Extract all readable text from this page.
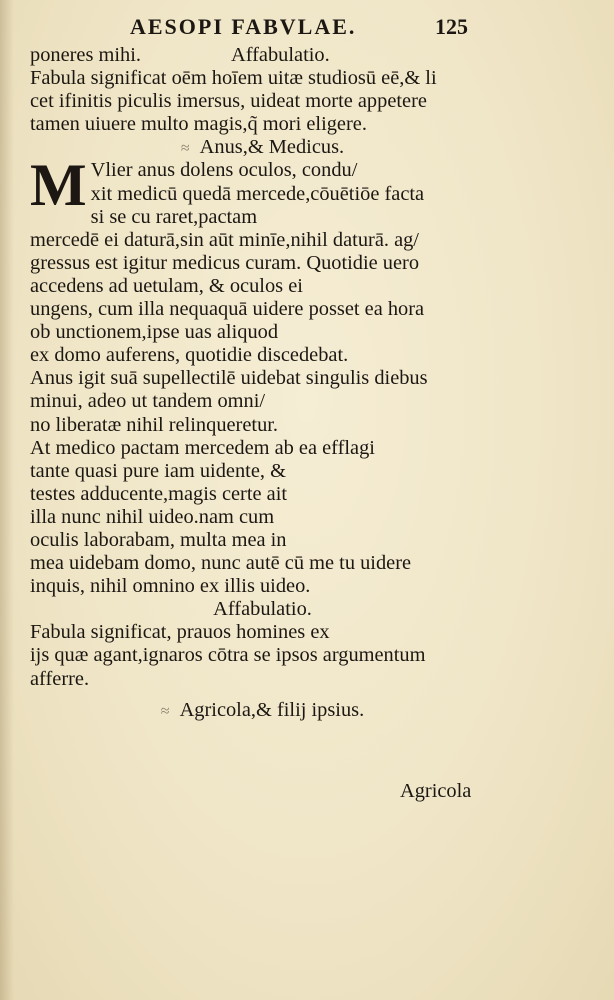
AESOPI FABVLAE.	125
poneres mihi.	Affabulatio.
Fabula significat oēm hoīem uitæ studiosū eē,& li
cet ifinitis piculis imersus, uideat morte appetere
tamen uiuere multo magis,q̃ mori eligere.
≈ Anus,& Medicus.
M Vlier anus dolens oculos, condu/
xit medicū quedā mercede,cōuētiōe facta
si se cu raret,pactam
mercedē ei daturā,sin aūt minīe,nihil daturā. ag/
gressus est igitur medicus curam. Quotidie uero
accedens ad uetulam, & oculos ei
ungens, cum illa nequaquā uidere posset ea hora
ob unctionem,ipse uas aliquod
ex domo auferens, quotidie discedebat.
Anus igit suā supellectilē uidebat singulis diebus
minui, adeo ut tandem omni/
no liberatæ nihil relinqueretur.
At medico pactam mercedem ab ea efflagi
tante quasi pure iam uidente, &
testes adducente,magis certe ait
illa nunc nihil uideo.nam cum
oculis laborabam, multa mea in
mea uidebam domo, nunc autē cū me tu uidere
inquis, nihil omnino ex illis uideo.
Affabulatio.
Fabula significat, prauos homines ex
ijs quæ agant,ignaros cōtra se ipsos argumentum
afferre.
≈ Agricola,& filij ipsius.
Agricola
